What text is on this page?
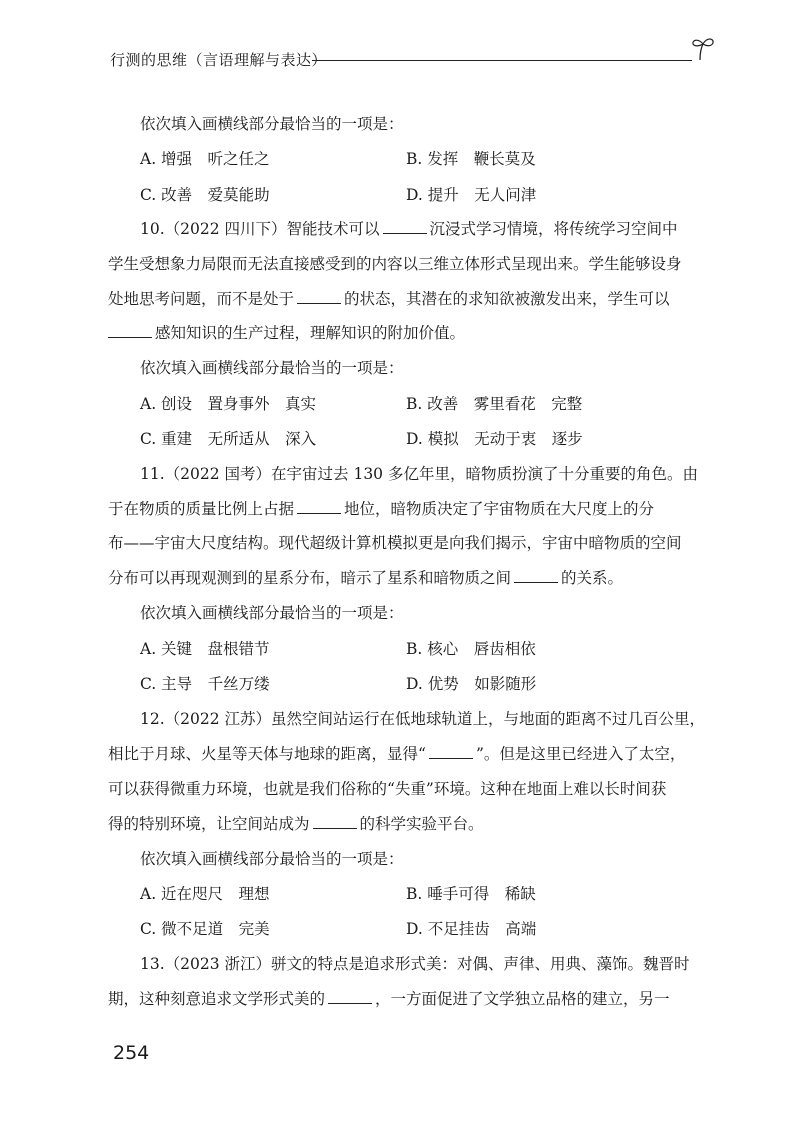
行测的思维（言语理解与表达）
依次填入画横线部分最恰当的一项是：
A. 增强　听之任之	B. 发挥　鞭长莫及
C. 改善　爱莫能助	D. 提升　无人问津
10.（2022 四川下）智能技术可以	沉浸式学习情境，将传统学习空间中
学生受想象力局限而无法直接感受到的内容以三维立体形式呈现出来。学生能够设身
处地思考问题，而不是处于	的状态，其潜在的求知欲被激发出来，学生可以
感知知识的生产过程，理解知识的附加价值。
依次填入画横线部分最恰当的一项是：
A. 创设　置身事外　真实	B. 改善　雾里看花　完整
C. 重建　无所适从　深入	D. 模拟　无动于衷　逐步
11.（2022 国考）在宇宙过去 130 多亿年里，暗物质扮演了十分重要的角色。由
于在物质的质量比例上占据	地位，暗物质决定了宇宙物质在大尺度上的分
布——宇宙大尺度结构。现代超级计算机模拟更是向我们揭示，宇宙中暗物质的空间
分布可以再现观测到的星系分布，暗示了星系和暗物质之间	的关系。
依次填入画横线部分最恰当的一项是：
A. 关键　盘根错节	B. 核心　唇齿相依
C. 主导　千丝万缕	D. 优势　如影随形
12.（2022 江苏）虽然空间站运行在低地球轨道上，与地面的距离不过几百公里，
相比于月球、火星等天体与地球的距离，显得“	”。但是这里已经进入了太空，
可以获得微重力环境，也就是我们俗称的“失重”环境。这种在地面上难以长时间获
得的特别环境，让空间站成为	的科学实验平台。
依次填入画横线部分最恰当的一项是：
A. 近在咫尺　理想	B. 唾手可得　稀缺
C. 微不足道　完美	D. 不足挂齿　高端
13.（2023 浙江）骈文的特点是追求形式美：对偶、声律、用典、藻饰。魏晋时
期，这种刻意追求文学形式美的	，一方面促进了文学独立品格的建立，另一
254
